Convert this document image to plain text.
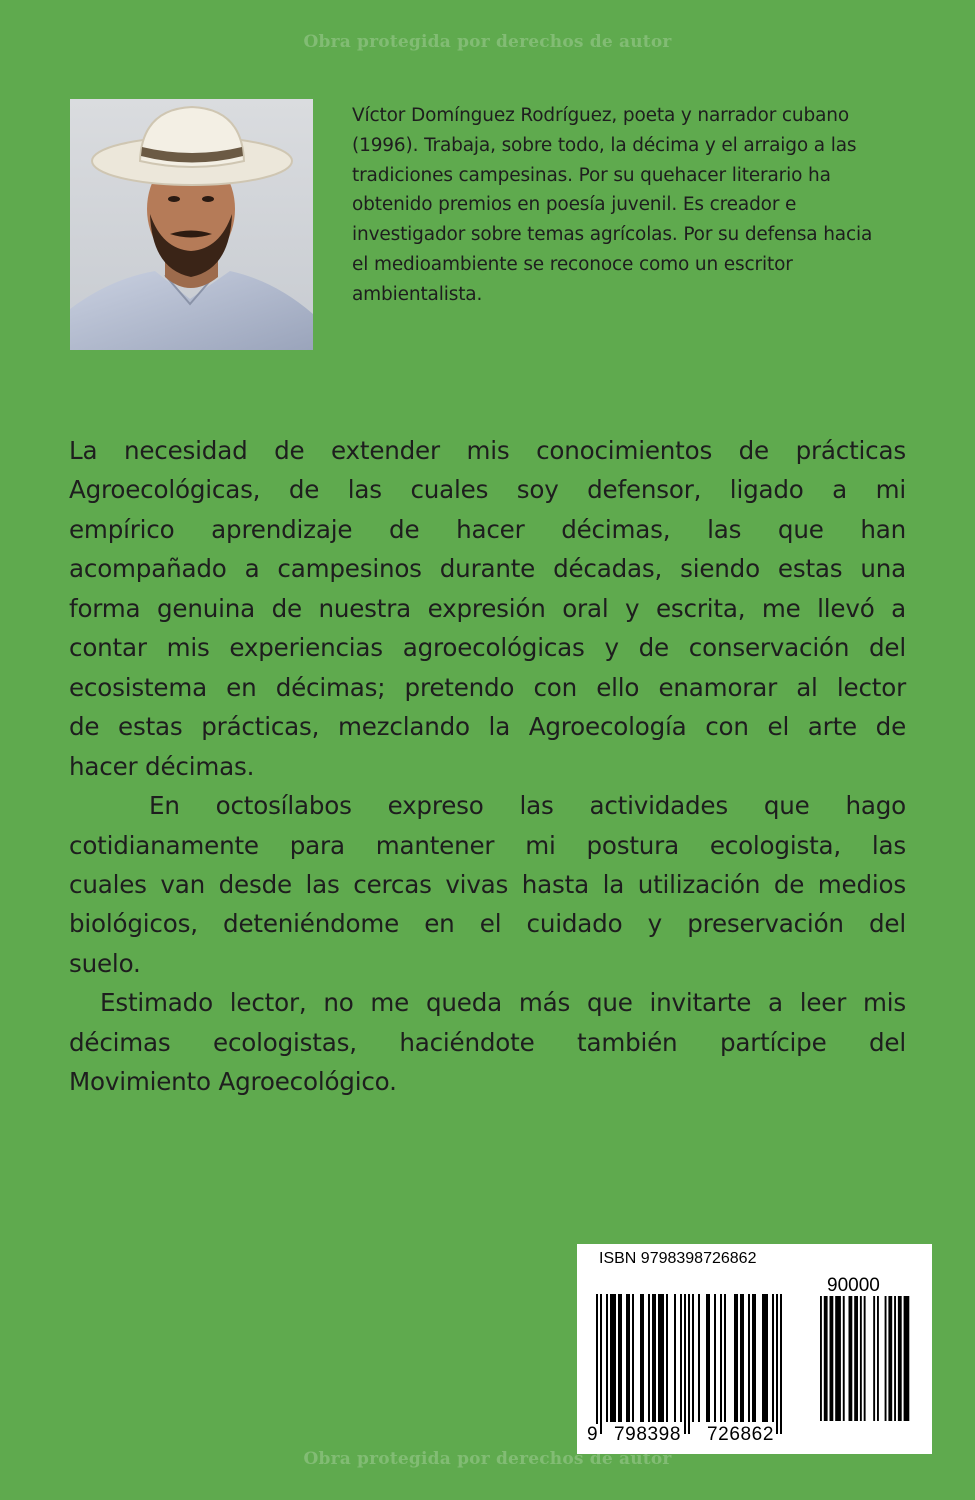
Obra protegida por derechos de autor
Víctor Domínguez Rodríguez, poeta y narrador cubano
(1996). Trabaja, sobre todo, la décima y el arraigo a las
tradiciones campesinas. Por su quehacer literario ha
obtenido premios en poesía juvenil. Es creador e
investigador sobre temas agrícolas. Por su defensa hacia
el medioambiente se reconoce como un escritor
ambientalista.
La necesidad de extender mis conocimientos de prácticas
Agroecológicas, de las cuales soy defensor, ligado a mi
empírico aprendizaje de hacer décimas, las que han
acompañado a campesinos durante décadas, siendo estas una
forma genuina de nuestra expresión oral y escrita, me llevó a
contar mis experiencias agroecológicas y de conservación del
ecosistema en décimas; pretendo con ello enamorar al lector
de estas prácticas, mezclando la Agroecología con el arte de
hacer décimas.
En octosílabos expreso las actividades que hago
cotidianamente para mantener mi postura ecologista, las
cuales van desde las cercas vivas hasta la utilización de medios
biológicos, deteniéndome en el cuidado y preservación del
suelo.
Estimado lector, no me queda más que invitarte a leer mis
décimas ecologistas, haciéndote también partícipe del
Movimiento Agroecológico.
ISBN 9798398726862
90000
9 798398 726862
Obra protegida por derechos de autor
